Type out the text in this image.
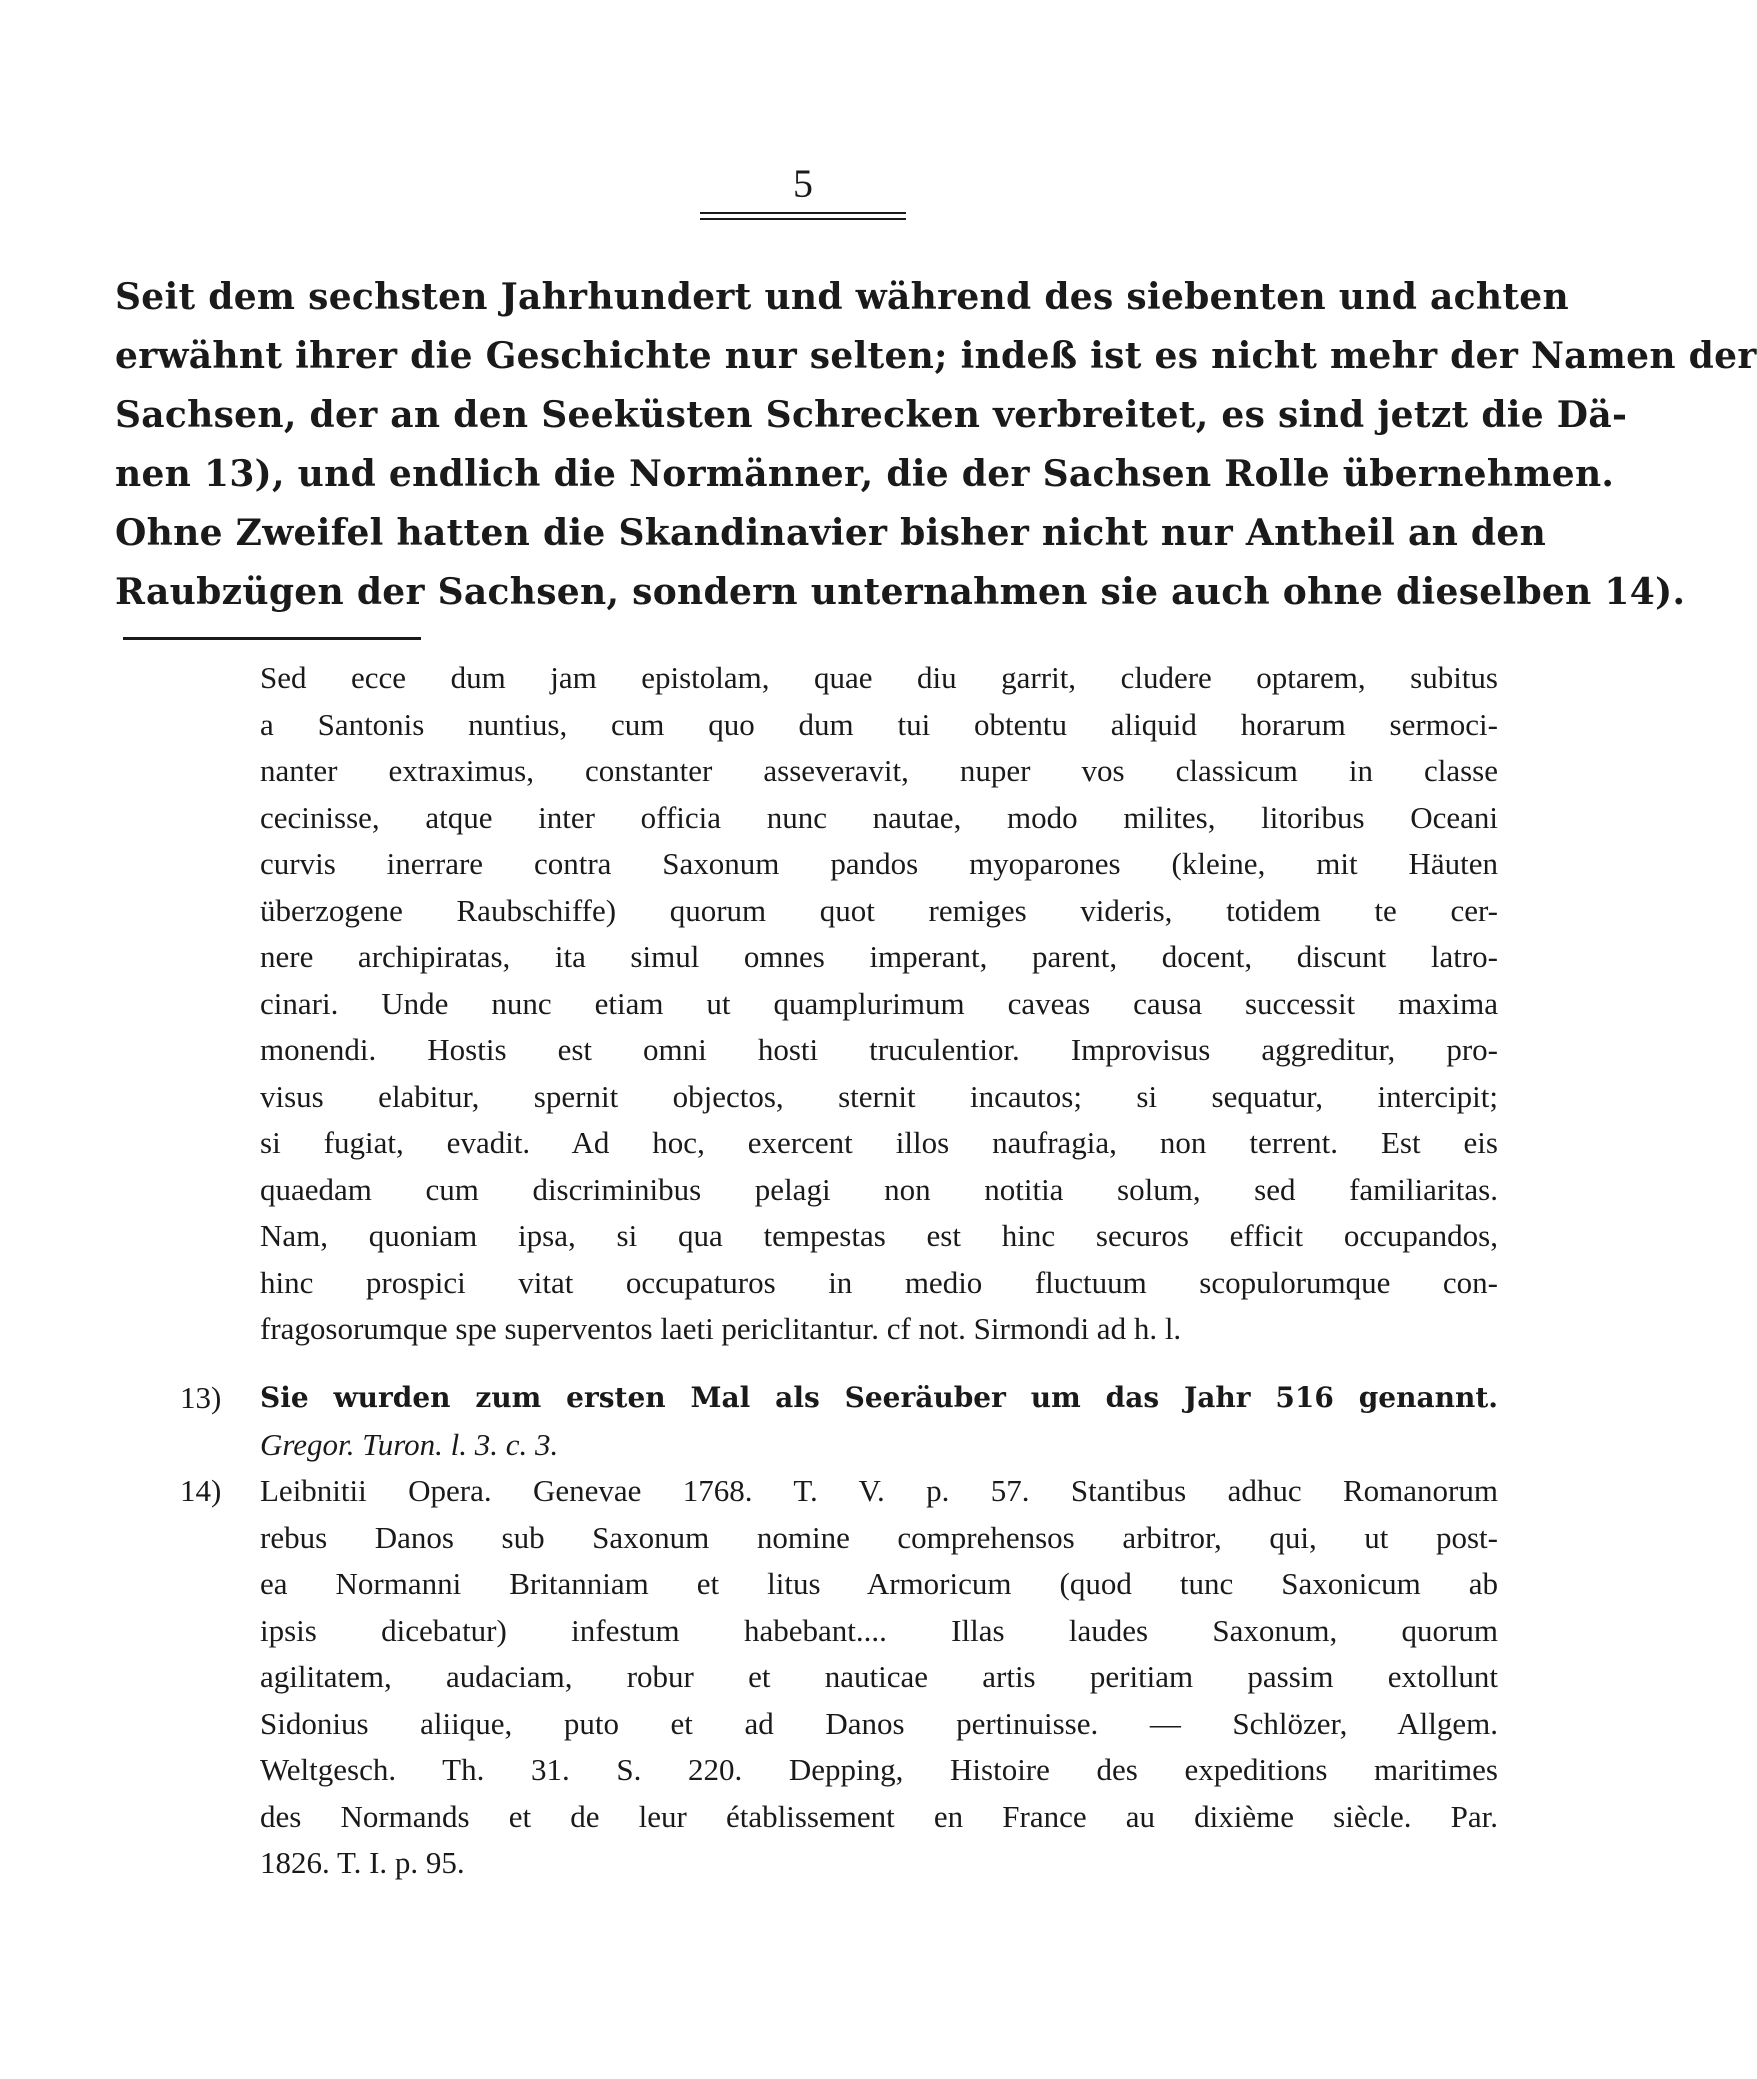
5
Seit dem sechsten Jahrhundert und während des siebenten und achten
erwähnt ihrer die Geschichte nur selten; indeß ist es nicht mehr der Namen der
Sachsen, der an den Seeküsten Schrecken verbreitet, es sind jetzt die Dä-
nen 13), und endlich die Normänner, die der Sachsen Rolle übernehmen.
Ohne Zweifel hatten die Skandinavier bisher nicht nur Antheil an den
Raubzügen der Sachsen, sondern unternahmen sie auch ohne dieselben 14).
Sed ecce dum jam epistolam, quae diu garrit, cludere optarem, subitus
a Santonis nuntius, cum quo dum tui obtentu aliquid horarum sermoci-
nanter extraximus, constanter asseveravit, nuper vos classicum in classe
cecinisse, atque inter officia nunc nautae, modo milites, litoribus Oceani
curvis inerrare contra Saxonum pandos myoparones (kleine, mit Häuten
überzogene Raubschiffe) quorum quot remiges videris, totidem te cer-
nere archipiratas, ita simul omnes imperant, parent, docent, discunt latro-
cinari. Unde nunc etiam ut quamplurimum caveas causa successit maxima
monendi. Hostis est omni hosti truculentior. Improvisus aggreditur, pro-
visus elabitur, spernit objectos, sternit incautos; si sequatur, intercipit;
si fugiat, evadit. Ad hoc, exercent illos naufragia, non terrent. Est eis
quaedam cum discriminibus pelagi non notitia solum, sed familiaritas.
Nam, quoniam ipsa, si qua tempestas est hinc securos efficit occupandos,
hinc prospici vitat occupaturos in medio fluctuum scopulorumque con-
fragosorumque spe superventos laeti periclitantur. cf not. Sirmondi ad h. l.
13)	Sie wurden zum ersten Mal als Seeräuber um das Jahr 516 genannt.
Gregor. Turon. l. 3. c. 3.
14)	Leibnitii Opera. Genevae 1768. T. V. p. 57. Stantibus adhuc Romanorum
rebus Danos sub Saxonum nomine comprehensos arbitror, qui, ut post-
ea Normanni Britanniam et litus Armoricum (quod tunc Saxonicum ab
ipsis dicebatur) infestum habebant.... Illas laudes Saxonum, quorum
agilitatem, audaciam, robur et nauticae artis peritiam passim extollunt
Sidonius aliique, puto et ad Danos pertinuisse. — Schlözer, Allgem.
Weltgesch. Th. 31. S. 220. Depping, Histoire des expeditions maritimes
des Normands et de leur établissement en France au dixième siècle. Par.
1826. T. I. p. 95.
